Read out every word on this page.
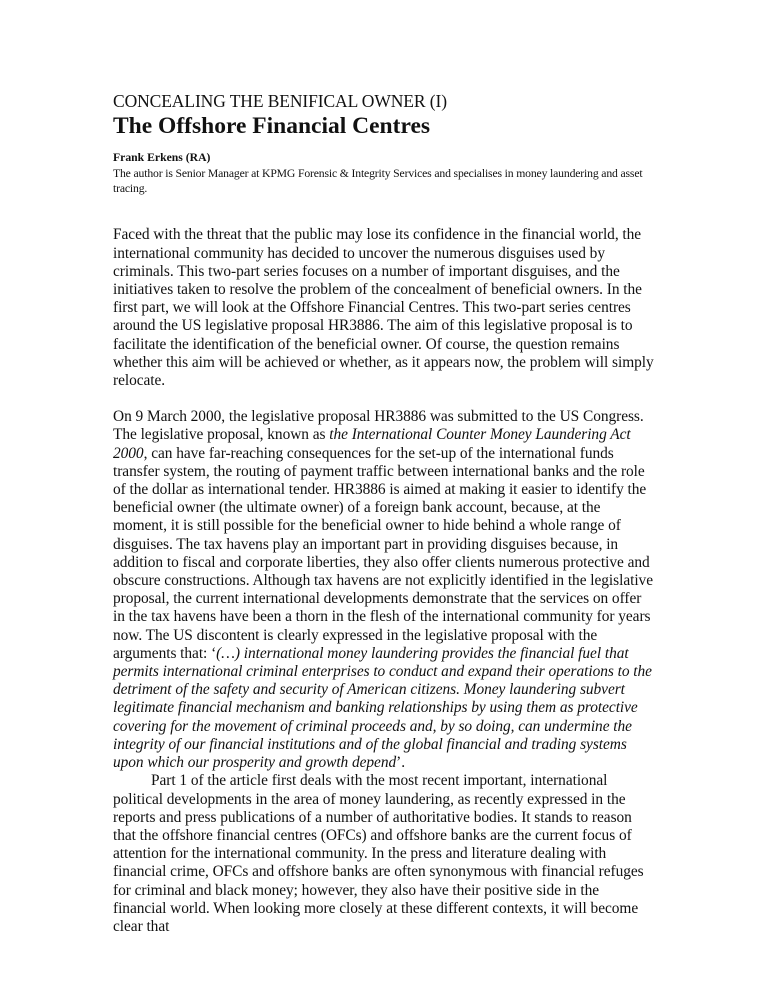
CONCEALING THE BENIFICAL OWNER (I)

The Offshore Financial Centres
Frank Erkens (RA)

The author is Senior Manager at KPMG Forensic & Integrity Services and specialises in money laundering and asset tracing.

Faced with the threat that the public may lose its confidence in the financial world, the international community has decided to uncover the numerous disguises used by criminals. This two-part series focuses on a number of important disguises, and the initiatives taken to resolve the problem of the concealment of beneficial owners. In the first part, we will look at the Offshore Financial Centres. This two-part series centres around the US legislative proposal HR3886. The aim of this legislative proposal is to facilitate the identification of the beneficial owner. Of course, the question remains whether this aim will be achieved or whether, as it appears now, the problem will simply relocate.

On 9 March 2000, the legislative proposal HR3886 was submitted to the US Congress. The legislative proposal, known as the International Counter Money Laundering Act 2000, can have far-reaching consequences for the set-up of the international funds transfer system, the routing of payment traffic between international banks and the role of the dollar as international tender. HR3886 is aimed at making it easier to identify the beneficial owner (the ultimate owner) of a foreign bank account, because, at the moment, it is still possible for the beneficial owner to hide behind a whole range of disguises. The tax havens play an important part in providing disguises because, in addition to fiscal and corporate liberties, they also offer clients numerous protective and obscure constructions. Although tax havens are not explicitly identified in the legislative proposal, the current international developments demonstrate that the services on offer in the tax havens have been a thorn in the flesh of the international community for years now. The US discontent is clearly expressed in the legislative proposal with the arguments that: ‘(…) international money laundering provides the financial fuel that permits international criminal enterprises to conduct and expand their operations to the detriment of the safety and security of American citizens. Money laundering subvert legitimate financial mechanism and banking relationships by using them as protective covering for the movement of criminal proceeds and, by so doing, can undermine the integrity of our financial institutions and of the global financial and trading systems upon which our prosperity and growth depend’.

Part 1 of the article first deals with the most recent important, international political developments in the area of money laundering, as recently expressed in the reports and press publications of a number of authoritative bodies. It stands to reason that the offshore financial centres (OFCs) and offshore banks are the current focus of attention for the international community. In the press and literature dealing with financial crime, OFCs and offshore banks are often synonymous with financial refuges for criminal and black money; however, they also have their positive side in the financial world. When looking more closely at these different contexts, it will become clear that
